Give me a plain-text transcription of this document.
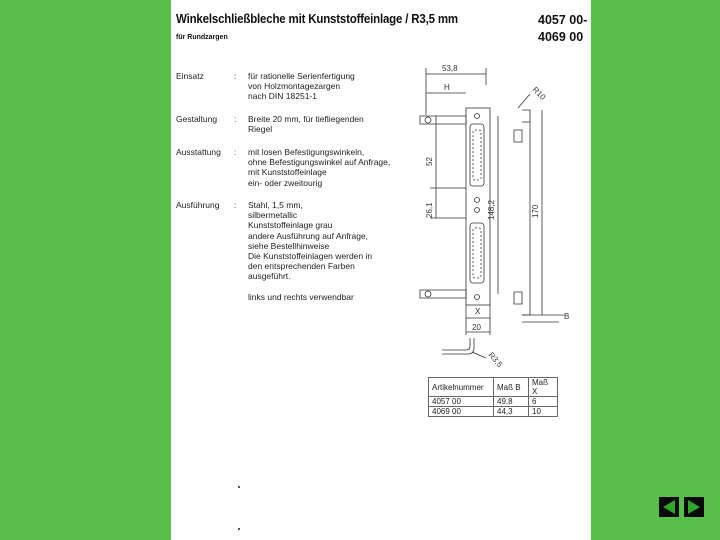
Winkelschließbleche mit Kunststoffeinlage / R3,5 mm
für Rundzargen
4057 00-
4069 00
Einsatz	: für rationelle Serienfertigung
von Holzmontagezargen
nach DIN 18251-1
Gestaltung : Breite 20 mm, für tiefliegenden
Riegel
Ausstattung : mit losen Befestigungswinkeln,
ohne Befestigungswinkel auf Anfrage,
mit Kunststoffeinlage
ein- oder zweitourig
Ausführung : Stahl, 1,5 mm,
silbermetallic
Kunststoffeinlage grau
andere Ausführung auf Anfrage,
siehe Bestellhinweise
Die Kunststoffeinlagen werden in
den entsprechenden Farben
ausgeführt.

links und rechts verwendbar
53,8
H	R10
52
26,1	148,2	170
B
X
20
R3,5
Artikelnummer	Maß B	Maß X
4057 00	49,8	6
4069 00	44,3	10
